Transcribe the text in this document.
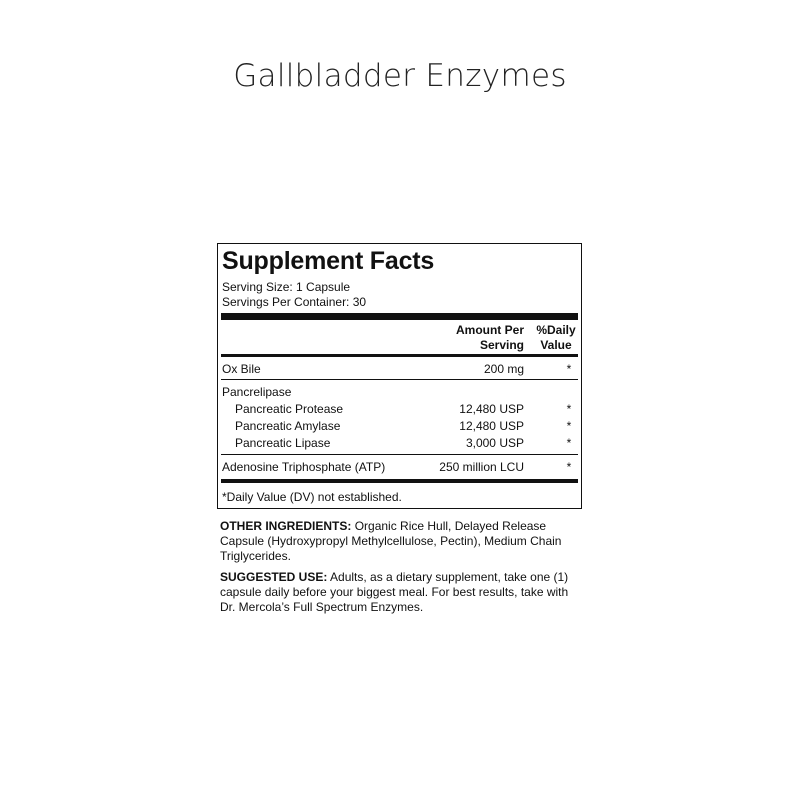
Gallbladder Enzymes
Supplement Facts
Serving Size: 1 Capsule
Servings Per Container: 30
Amount Per
Serving
%Daily
Value
Ox Bile	200 mg	*
Pancrelipase
Pancreatic Protease	12,480 USP	*
Pancreatic Amylase	12,480 USP	*
Pancreatic Lipase	3,000 USP	*
Adenosine Triphosphate (ATP)	250 million LCU	*
*Daily Value (DV) not established.
OTHER INGREDIENTS: Organic Rice Hull, Delayed Release Capsule (Hydroxypropyl Methylcellulose, Pectin), Medium Chain Triglycerides.
SUGGESTED USE: Adults, as a dietary supplement, take one (1) capsule daily before your biggest meal. For best results, take with Dr. Mercola’s Full Spectrum Enzymes.
